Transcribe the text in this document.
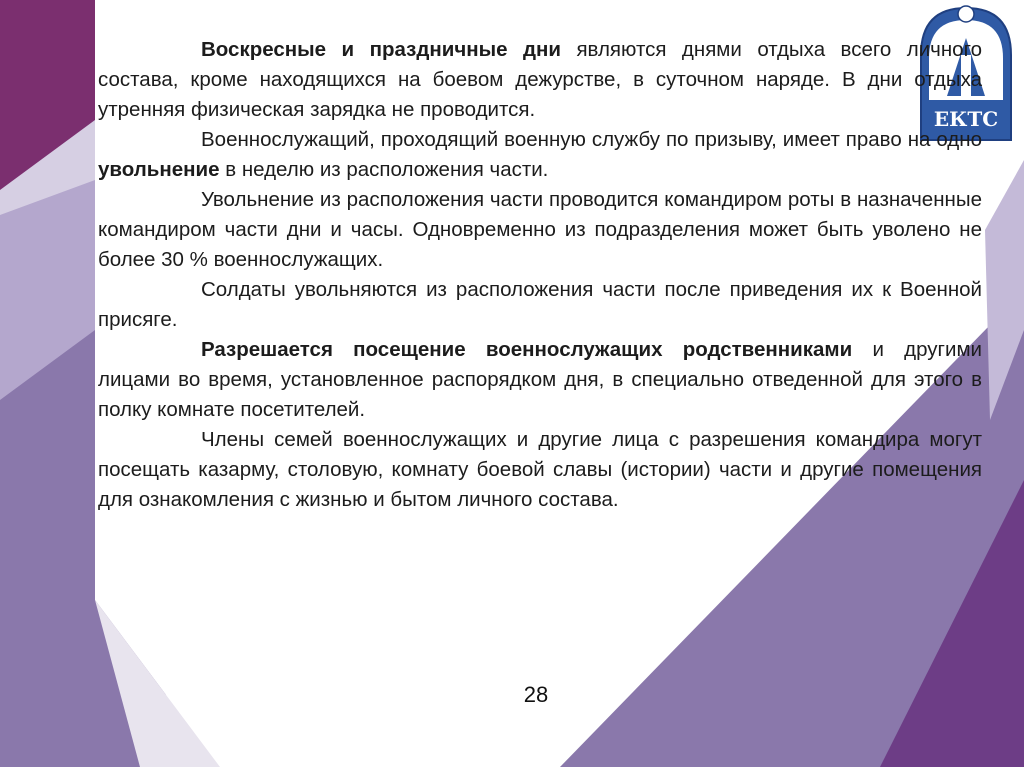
ЕКТС

Воскресные и праздничные дни являются днями отдыха всего личного состава, кроме находящихся на боевом дежурстве, в суточном наряде. В дни отдыха утренняя физическая зарядка не проводится.

Военнослужащий, проходящий военную службу по призыву, имеет право на одно увольнение в неделю из расположения части.

Увольнение из расположения части проводится командиром роты в назначенные командиром части дни и часы. Одновременно из подразделения может быть уволено не более 30 % военнослужащих.

Солдаты увольняются из расположения части после приведения их к Военной присяге.

Разрешается посещение военнослужащих родственниками и другими лицами во время, установленное распорядком дня, в специально отведенной для этого в полку комнате посетителей.

Члены семей военнослужащих и другие лица с разрешения командира могут посещать казарму, столовую, комнату боевой славы (истории) части и другие помещения для ознакомления с жизнью и бытом личного состава.

28
